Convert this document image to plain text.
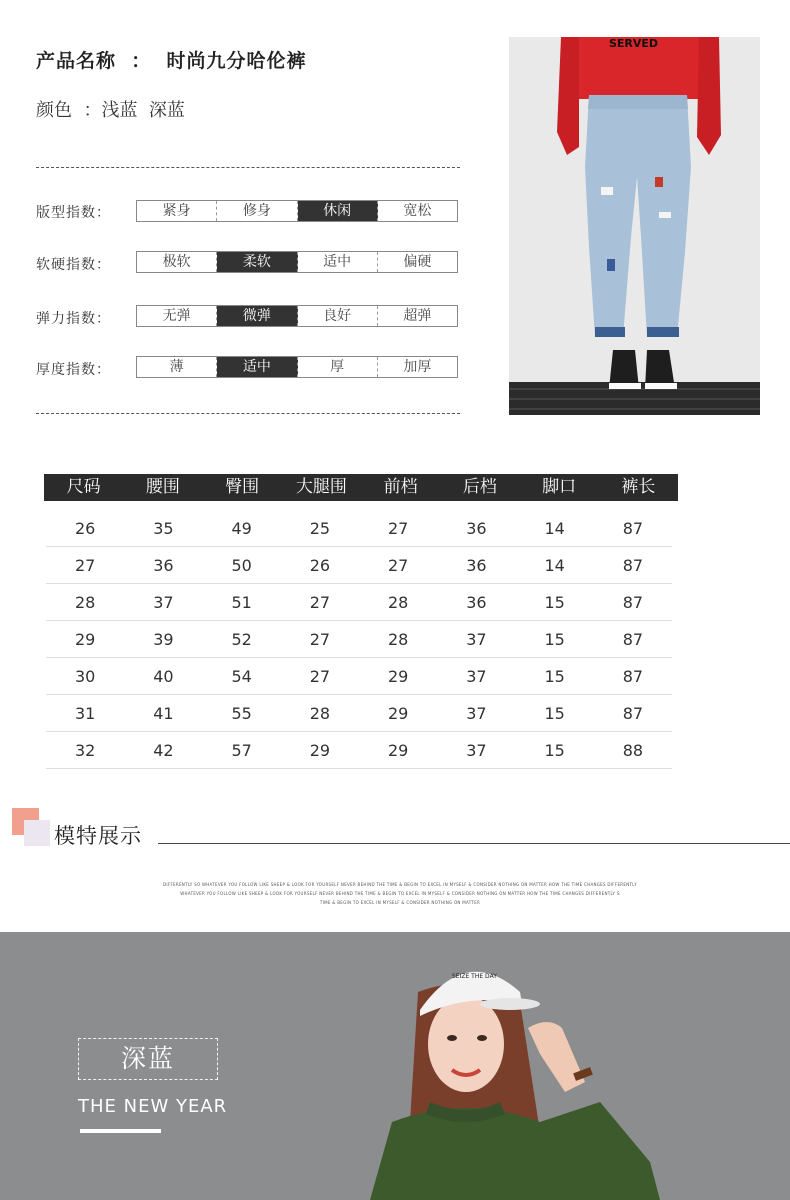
产品名称  ：  时尚九分哈伦裤
颜色  ：浅蓝  深蓝
版型指数：	紧身	修身	休闲	宽松
软硬指数：	极软	柔软	适中	偏硬
弹力指数：	无弹	微弹	良好	超弹
厚度指数：	薄	适中	厚	加厚
SERVED
尺码	腰围	臀围	大腿围	前档	后档	脚口	裤长
26	35	49	25	27	36	14	87
27	36	50	26	27	36	14	87
28	37	51	27	28	36	15	87
29	39	52	27	28	37	15	87
30	40	54	27	29	37	15	87
31	41	55	28	29	37	15	87
32	42	57	29	29	37	15	88
模特展示
DIFFERENTLY SO WHATEVER YOU FOLLOW LIKE SHEEP & LOOK FOR YOURSELF NEVER BEHIND THE TIME & BEGIN TO EXCEL IN MYSELF & CONSIDER NOTHING ON MATTER HOW THE TIME CHANGES DIFFERENTLY
WHATEVER YOU FOLLOW LIKE SHEEP & LOOK FOR YOURSELF NEVER BEHIND THE TIME & BEGIN TO EXCEL IN MYSELF & CONSIDER NOTHING ON MATTER HOW THE TIME CHANGES DIFFERENTLY S
TIME & BEGIN TO EXCEL IN MYSELF & CONSIDER NOTHING ON MATTER
SEIZE THE DAY
深蓝
THE NEW YEAR
